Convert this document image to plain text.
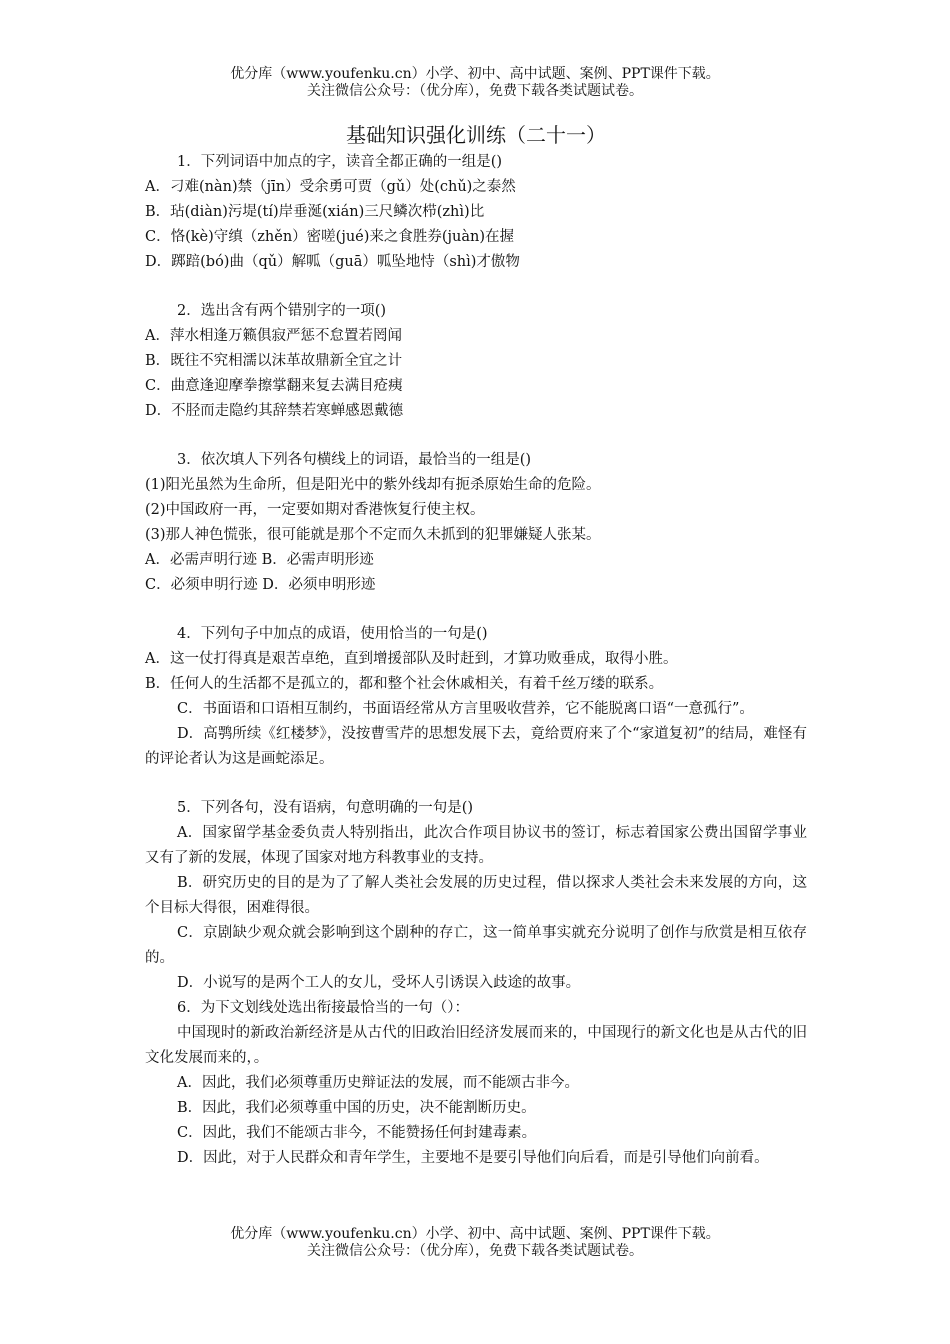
优分库（www.youfenku.cn）小学、初中、高中试题、案例、PPT课件下载。
关注微信公众号：（优分库），免费下载各类试题试卷。
基础知识强化训练（二十一）

1．下列词语中加点的字，读音全都正确的一组是()

A．刁难(nàn)禁（jīn）受余勇可贾（gǔ）处(chǔ)之泰然

B．玷(diàn)污堤(tí)岸垂涎(xián)三尺鳞次栉(zhì)比

C．恪(kè)守缜（zhěn）密嗟(jué)来之食胜券(juàn)在握

D．踯踣(bó)曲（qǔ）解呱（guā）呱坠地恃（shì)才傲物

2．选出含有两个错别字的一项()

A．萍水相逢万籁俱寂严惩不怠置若罔闻

B．既往不究相濡以沫革故鼎新全宜之计

C．曲意逢迎摩拳擦掌翻来复去满目疮痍

D．不胫而走隐约其辞禁若寒蝉感恩戴德

3．依次填人下列各句横线上的词语，最恰当的一组是()

(1)阳光虽然为生命所，但是阳光中的紫外线却有扼杀原始生命的危险。

(2)中国政府一再，一定要如期对香港恢复行使主权。

(3)那人神色慌张，很可能就是那个不定而久未抓到的犯罪嫌疑人张某。

A．必需声明行迹 B．必需声明形迹

C．必须申明行迹 D．必须申明形迹

4．下列句子中加点的成语，使用恰当的一句是()

A．这一仗打得真是艰苦卓绝，直到增援部队及时赶到，才算功败垂成，取得小胜。

B．任何人的生活都不是孤立的，都和整个社会休戚相关，有着千丝万缕的联系。

C．书面语和口语相互制约，书面语经常从方言里吸收营养，它不能脱离口语“一意孤行”。

D．高鹗所续《红楼梦》，没按曹雪芹的思想发展下去，竟给贾府来了个“家道复初”的结局，难怪有的评论者认为这是画蛇添足。

5．下列各句，没有语病，句意明确的一句是()

A．国家留学基金委负责人特别指出，此次合作项目协议书的签订，标志着国家公费出国留学事业又有了新的发展，体现了国家对地方科教事业的支持。

B．研究历史的目的是为了了解人类社会发展的历史过程，借以探求人类社会未来发展的方向，这个目标大得很，困难得很。

C．京剧缺少观众就会影响到这个剧种的存亡，这一简单事实就充分说明了创作与欣赏是相互依存的。

D．小说写的是两个工人的女儿，受坏人引诱误入歧途的故事。

6．为下文划线处选出衔接最恰当的一句（）：

中国现时的新政治新经济是从古代的旧政治旧经济发展而来的，中国现行的新文化也是从古代的旧文化发展而来的，。

A．因此，我们必须尊重历史辩证法的发展，而不能颂古非今。

B．因此，我们必须尊重中国的历史，决不能割断历史。

C．因此，我们不能颂古非今，不能赞扬任何封建毒素。

D．因此，对于人民群众和青年学生，主要地不是要引导他们向后看，而是引导他们向前看。

优分库（www.youfenku.cn）小学、初中、高中试题、案例、PPT课件下载。
关注微信公众号：（优分库），免费下载各类试题试卷。
